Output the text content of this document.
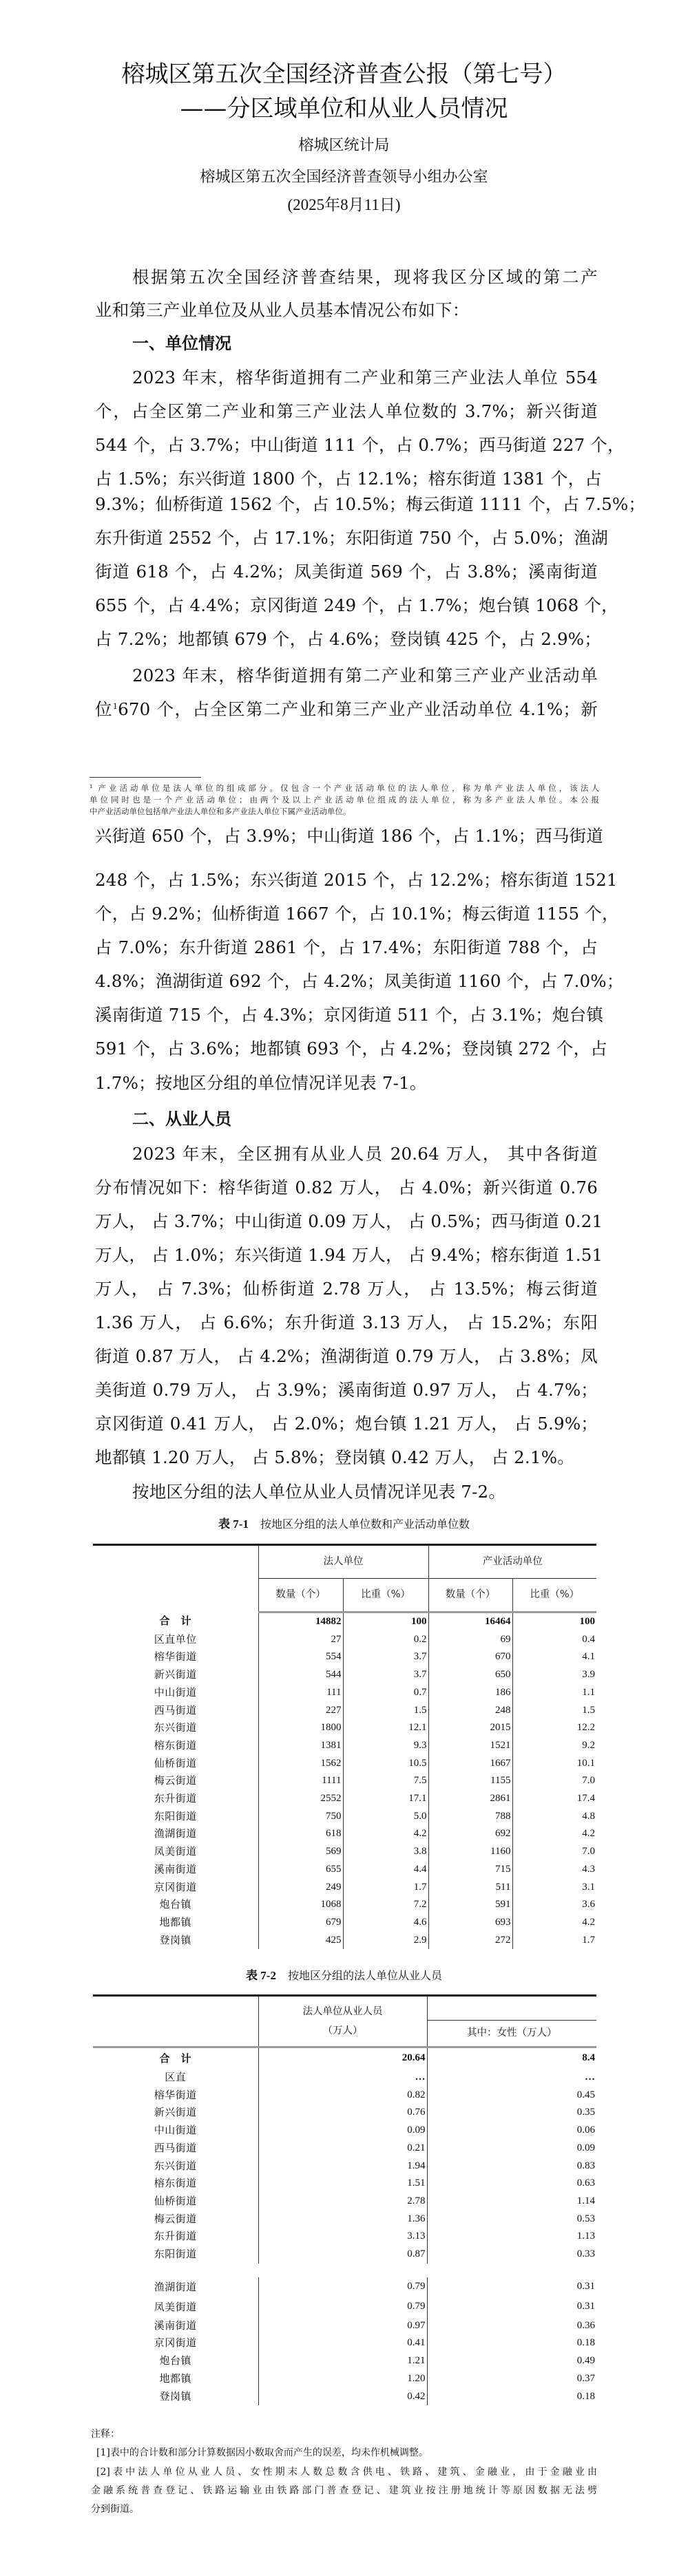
榕城区第五次全国经济普查公报（第七号）
——分区域单位和从业人员情况
榕城区统计局
榕城区第五次全国经济普查领导小组办公室
(2025年8月11日)
根据第五次全国经济普查结果，现将我区分区域的第二产
业和第三产业单位及从业人员基本情况公布如下：
一、单位情况
2023 年末，榕华街道拥有二产业和第三产业法人单位 554
个，占全区第二产业和第三产业法人单位数的 3.7%；新兴街道
544 个，占 3.7%；中山街道 111 个，占 0.7%；西马街道 227 个，
占 1.5%；东兴街道 1800 个，占 12.1%；榕东街道 1381 个，占
9.3%；仙桥街道 1562 个，占 10.5%；梅云街道 1111 个，占 7.5%；
东升街道 2552 个，占 17.1%；东阳街道 750 个，占 5.0%；渔湖
街道 618 个，占 4.2%；凤美街道 569 个，占 3.8%；溪南街道
655 个，占 4.4%；京冈街道 249 个，占 1.7%；炮台镇 1068 个，
占 7.2%；地都镇 679 个，占 4.6%；登岗镇 425 个，占 2.9%；
2023 年末，榕华街道拥有第二产业和第三产业产业活动单
位$^1$670 个，占全区第二产业和第三产业产业活动单位 4.1%；新
¹ 产业活动单位是法人单位的组成部分。仅包含一个产业活动单位的法人单位，称为单产业法人单位，该法人
单位同时也是一个产业活动单位；由两个及以上产业活动单位组成的法人单位，称为多产业法人单位。本公报
中产业活动单位包括单产业法人单位和多产业法人单位下属产业活动单位。
兴街道 650 个，占 3.9%；中山街道 186 个，占 1.1%；西马街道
248 个，占 1.5%；东兴街道 2015 个，占 12.2%；榕东街道 1521
个，占 9.2%；仙桥街道 1667 个，占 10.1%；梅云街道 1155 个，
占 7.0%；东升街道 2861 个，占 17.4%；东阳街道 788 个，占
4.8%；渔湖街道 692 个，占 4.2%；凤美街道 1160 个，占 7.0%；
溪南街道 715 个，占 4.3%；京冈街道 511 个，占 3.1%；炮台镇
591 个，占 3.6%；地都镇 693 个，占 4.2%；登岗镇 272 个，占
1.7%；按地区分组的单位情况详见表 7-1。
二、从业人员
2023 年末，全区拥有从业人员 20.64 万人， 其中各街道
分布情况如下：榕华街道 0.82 万人， 占 4.0%；新兴街道 0.76
万人， 占 3.7%；中山街道 0.09 万人， 占 0.5%；西马街道 0.21
万人， 占 1.0%；东兴街道 1.94 万人， 占 9.4%；榕东街道 1.51
万人， 占 7.3%；仙桥街道 2.78 万人， 占 13.5%；梅云街道
1.36 万人， 占 6.6%；东升街道 3.13 万人， 占 15.2%；东阳
街道 0.87 万人， 占 4.2%；渔湖街道 0.79 万人， 占 3.8%；凤
美街道 0.79 万人， 占 3.9%；溪南街道 0.97 万人， 占 4.7%；
京冈街道 0.41 万人， 占 2.0%；炮台镇 1.21 万人， 占 5.9%；
地都镇 1.20 万人， 占 5.8%；登岗镇 0.42 万人， 占 2.1%。
按地区分组的法人单位从业人员情况详见表 7-2。
表 7-1　 按地区分组的法人单位数和产业活动单位数
	法人单位		产业活动单位	
	数量（个）	比重（%）	数量（个）	比重（%）
合　计	14882	100	16464	100
区直单位	27	0.2	69	0.4
榕华街道	554	3.7	670	4.1
新兴街道	544	3.7	650	3.9
中山街道	111	0.7	186	1.1
西马街道	227	1.5	248	1.5
东兴街道	1800	12.1	2015	12.2
榕东街道	1381	9.3	1521	9.2
仙桥街道	1562	10.5	1667	10.1
梅云街道	1111	7.5	1155	7.0
东升街道	2552	17.1	2861	17.4
东阳街道	750	5.0	788	4.8
渔湖街道	618	4.2	692	4.2
凤美街道	569	3.8	1160	7.0
溪南街道	655	4.4	715	4.3
京冈街道	249	1.7	511	3.1
炮台镇	1068	7.2	591	3.6
地都镇	679	4.6	693	4.2
登岗镇	425	2.9	272	1.7
表 7-2　 按地区分组的法人单位从业人员

	法人单位从业人员
（万人）	

		其中：女性（万人）
合　计	20.64	8.4
区直	…	…
榕华街道	0.82	0.45
新兴街道	0.76	0.35
中山街道	0.09	0.06
西马街道	0.21	0.09
东兴街道	1.94	0.83
榕东街道	1.51	0.63
仙桥街道	2.78	1.14
梅云街道	1.36	0.53
东升街道	3.13	1.13
东阳街道	0.87	0.33

渔湖街道	0.79	0.31
凤美街道	0.79	0.31
溪南街道	0.97	0.36
京冈街道	0.41	0.18
炮台镇	1.21	0.49
地都镇	1.20	0.37
登岗镇	0.42	0.18
注释：
[1]表中的合计数和部分计算数据因小数取舍而产生的误差，均未作机械调整。
[2]表中法人单位从业人员、女性期末人数总数含供电、铁路、建筑、金融业，由于金融业由
金融系统普查登记、铁路运输业由铁路部门普查登记、建筑业按注册地统计等原因数据无法劈
分到街道。
